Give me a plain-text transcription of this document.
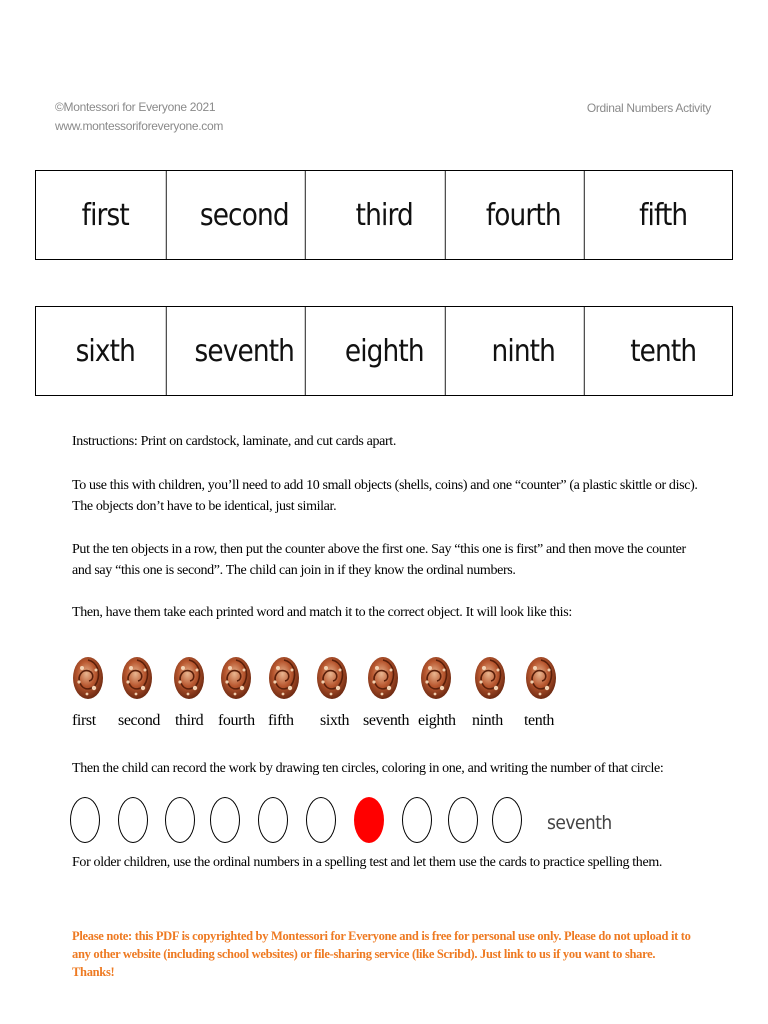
©Montessori for Everyone 2021
www.montessoriforeveryone.com
Ordinal Numbers Activity
first	second	third	fourth	fifth
sixth	seventh	eighth	ninth	tenth
Instructions: Print on cardstock, laminate, and cut cards apart.
To use this with children, you’ll need to add 10 small objects (shells, coins) and one “counter” (a plastic skittle or disc). The objects don’t have to be identical, just similar.
Put the ten objects in a row, then put the counter above the first one. Say “this one is first” and then move the counter and say “this one is second”. The child can join in if they know the ordinal numbers.
Then, have them take each printed word and match it to the correct object. It will look like this:
first second third fourth fifth sixth seventh eighth ninth tenth
Then the child can record the work by drawing ten circles, coloring in one, and writing the number of that circle:
seventh
For older children, use the ordinal numbers in a spelling test and let them use the cards to practice spelling them.
Please note: this PDF is copyrighted by Montessori for Everyone and is free for personal use only. Please do not upload it to any other website (including school websites) or file-sharing service (like Scribd). Just link to us if you want to share. Thanks!
